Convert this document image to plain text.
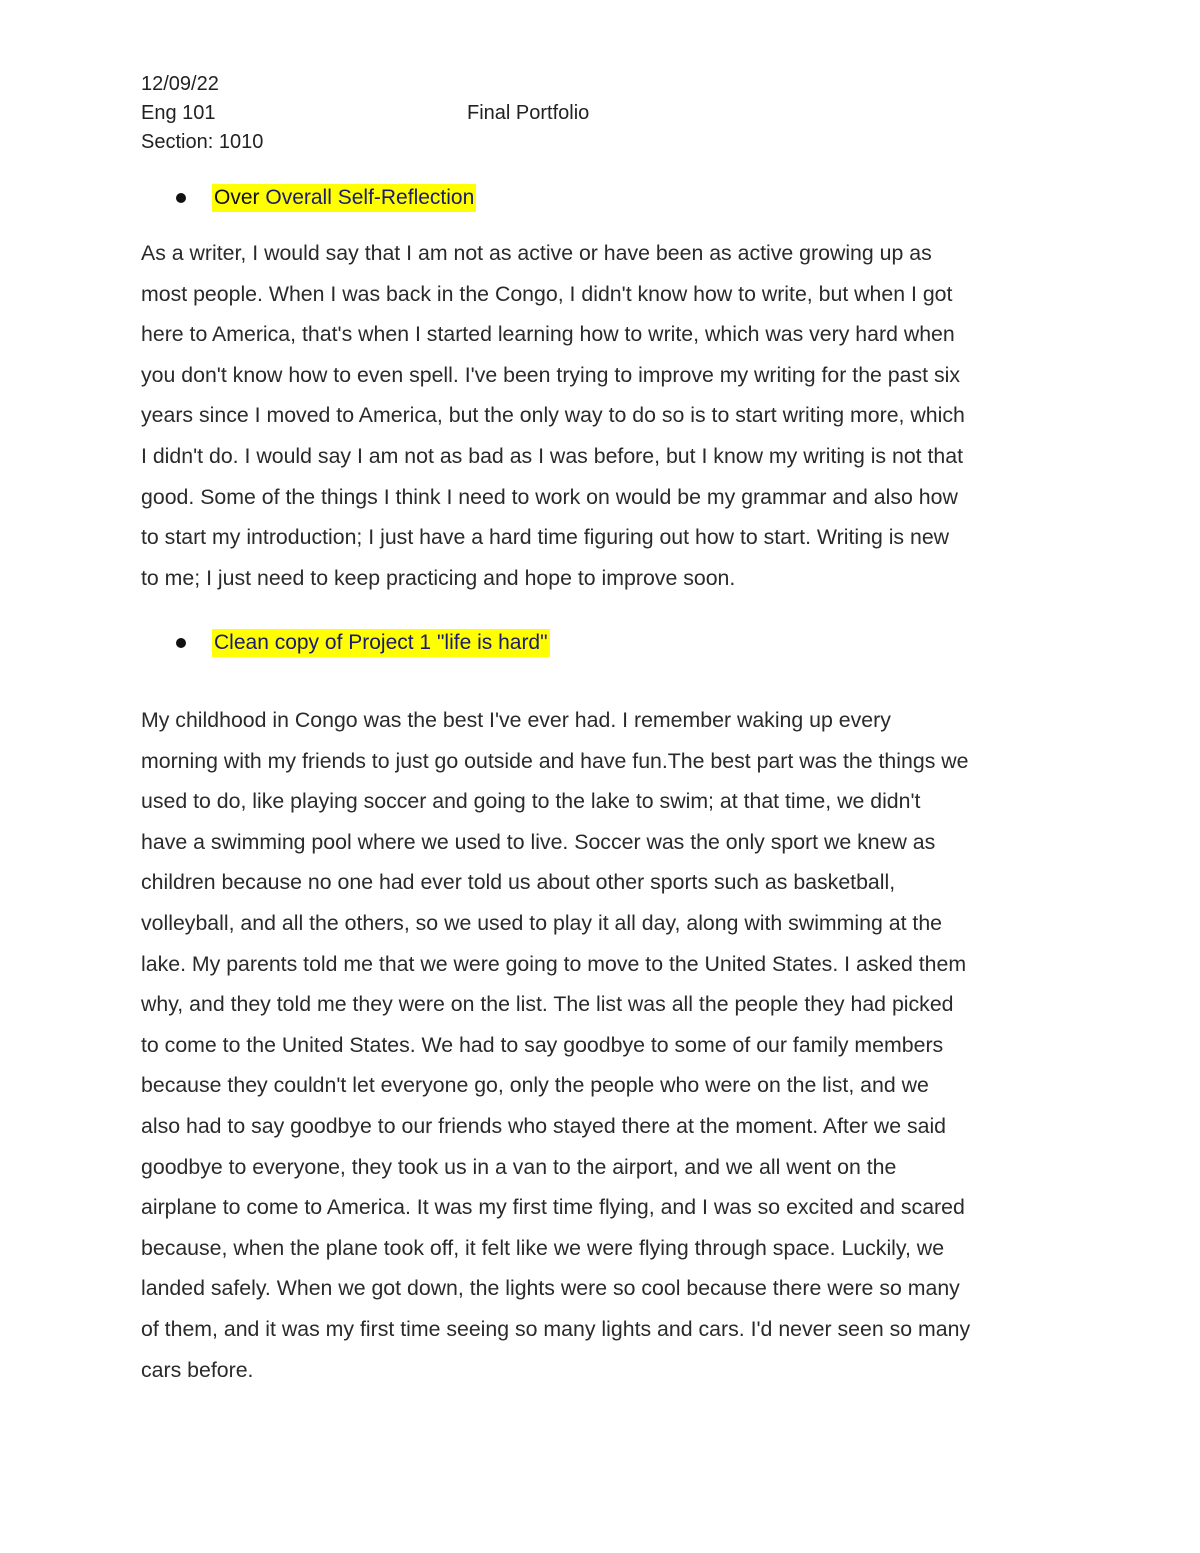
12/09/22
Eng 101	Final Portfolio
Section: 1010
Over Overall Self-Reflection
As a writer, I would say that I am not as active or have been as active growing up as
most people. When I was back in the Congo, I didn't know how to write, but when I got
here to America, that's when I started learning how to write, which was very hard when
you don't know how to even spell. I've been trying to improve my writing for the past six
years since I moved to America, but the only way to do so is to start writing more, which
I didn't do. I would say I am not as bad as I was before, but I know my writing is not that
good. Some of the things I think I need to work on would be my grammar and also how
to start my introduction; I just have a hard time figuring out how to start. Writing is new
to me; I just need to keep practicing and hope to improve soon.
Clean copy of Project 1 "life is hard"
My childhood in Congo was the best I've ever had. I remember waking up every
morning with my friends to just go outside and have fun.The best part was the things we
used to do, like playing soccer and going to the lake to swim; at that time, we didn't
have a swimming pool where we used to live. Soccer was the only sport we knew as
children because no one had ever told us about other sports such as basketball,
volleyball, and all the others, so we used to play it all day, along with swimming at the
lake. My parents told me that we were going to move to the United States. I asked them
why, and they told me they were on the list. The list was all the people they had picked
to come to the United States. We had to say goodbye to some of our family members
because they couldn't let everyone go, only the people who were on the list, and we
also had to say goodbye to our friends who stayed there at the moment. After we said
goodbye to everyone, they took us in a van to the airport, and we all went on the
airplane to come to America. It was my first time flying, and I was so excited and scared
because, when the plane took off, it felt like we were flying through space. Luckily, we
landed safely. When we got down, the lights were so cool because there were so many
of them, and it was my first time seeing so many lights and cars. I'd never seen so many
cars before.
